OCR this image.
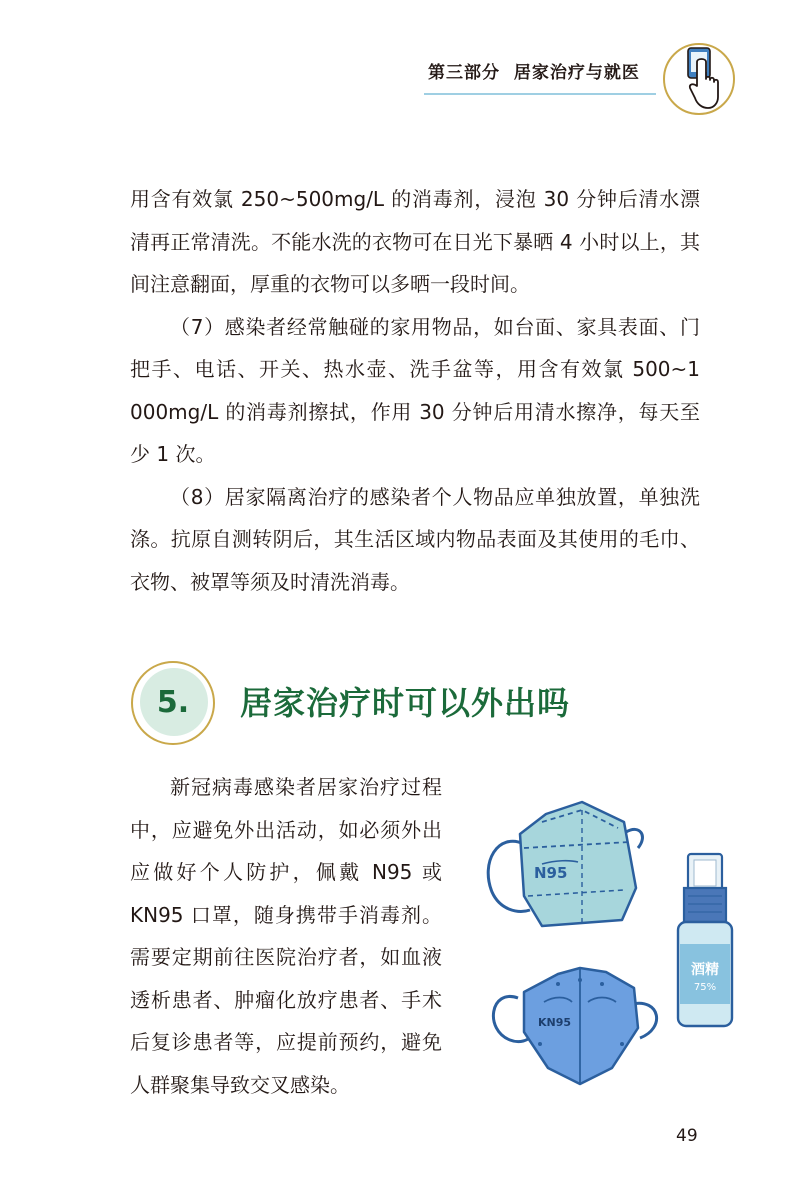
第三部分 居家治疗与就医

用含有效氯 250~500mg/L 的消毒剂，浸泡 30 分钟后清水漂清再正常清洗。不能水洗的衣物可在日光下暴晒 4 小时以上，其间注意翻面，厚重的衣物可以多晒一段时间。

（7）感染者经常触碰的家用物品，如台面、家具表面、门把手、电话、开关、热水壶、洗手盆等，用含有效氯 500~1 000mg/L 的消毒剂擦拭，作用 30 分钟后用清水擦净，每天至少 1 次。

（8）居家隔离治疗的感染者个人物品应单独放置，单独洗涤。抗原自测转阴后，其生活区域内物品表面及其使用的毛巾、衣物、被罩等须及时清洗消毒。

5.	居家治疗时可以外出吗

新冠病毒感染者居家治疗过程中，应避免外出活动，如必须外出应做好个人防护，佩戴 N95 或 KN95 口罩，随身携带手消毒剂。需要定期前往医院治疗者，如血液透析患者、肿瘤化放疗患者、手术后复诊患者等，应提前预约，避免人群聚集导致交叉感染。

N95
KN95
酒精
75%
49
